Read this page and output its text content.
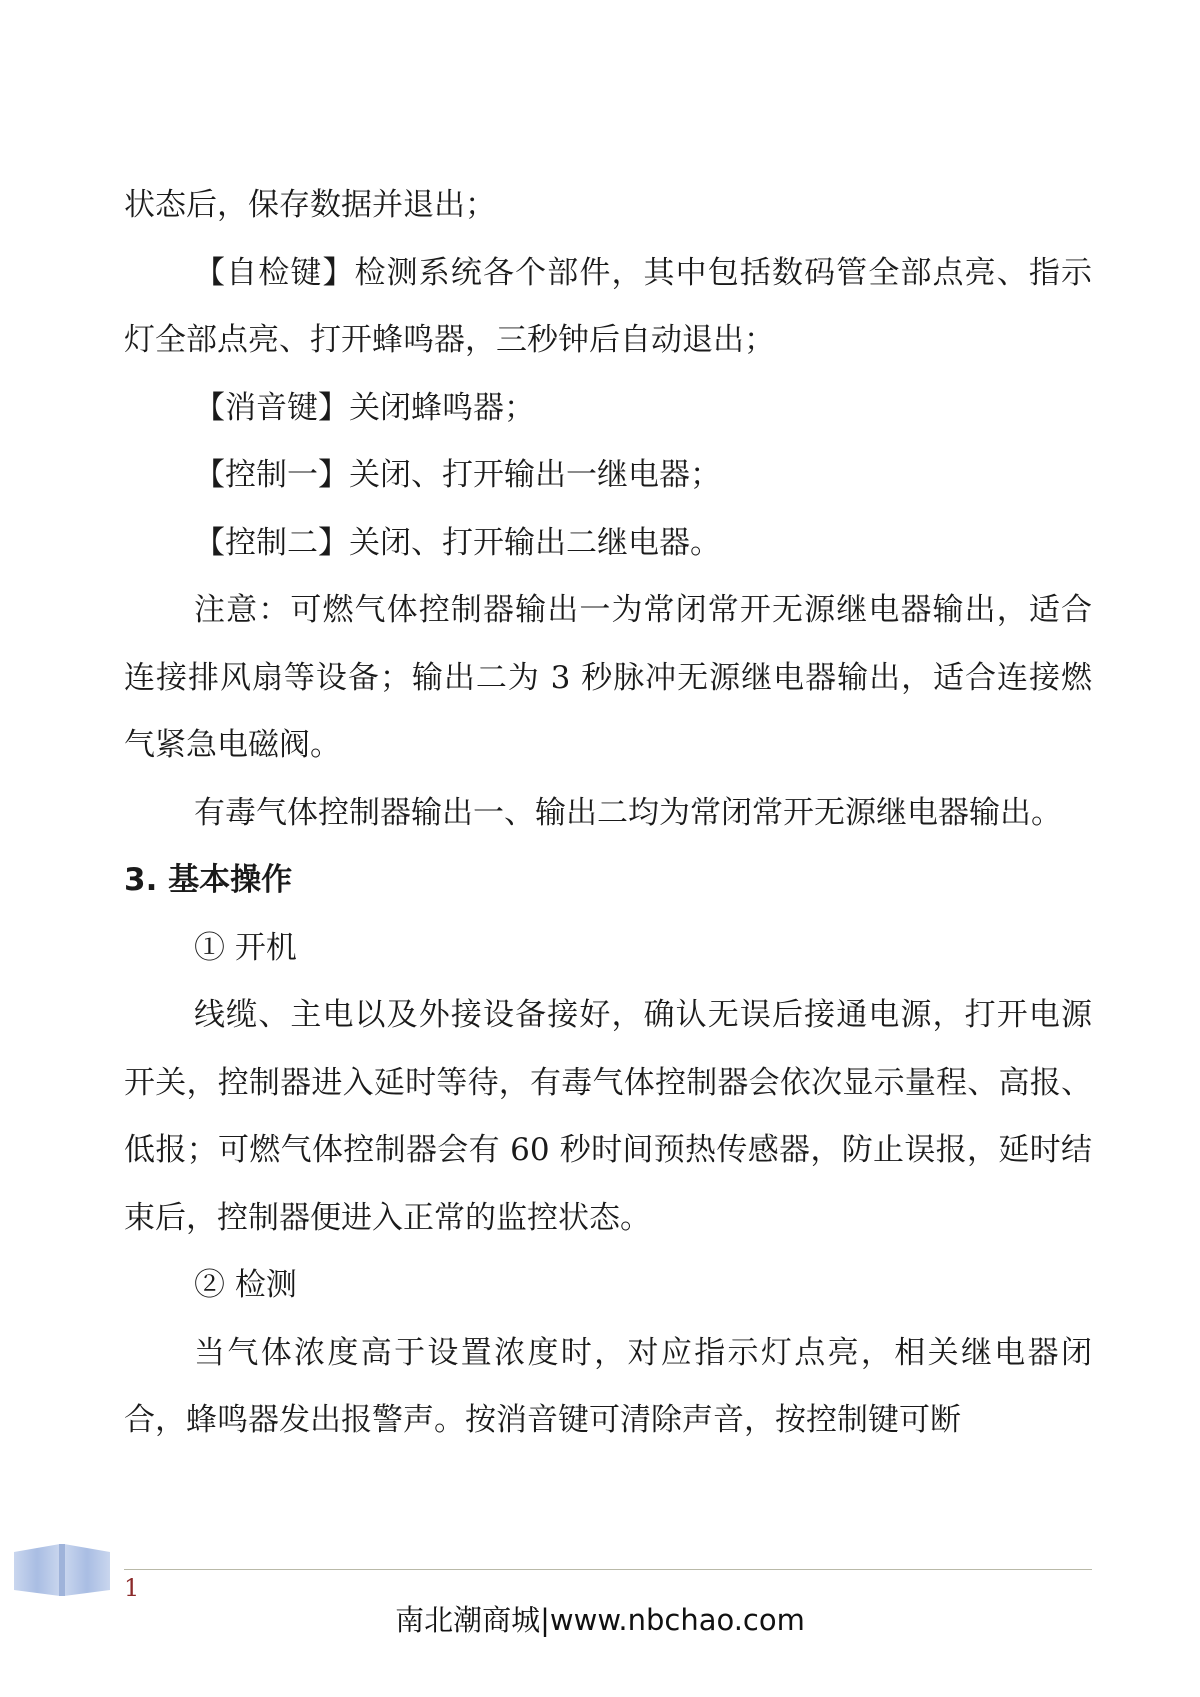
状态后，保存数据并退出；

【自检键】检测系统各个部件，其中包括数码管全部点亮、指示灯全部点亮、打开蜂鸣器，三秒钟后自动退出；

【消音键】关闭蜂鸣器；

【控制一】关闭、打开输出一继电器；

【控制二】关闭、打开输出二继电器。

注意：可燃气体控制器输出一为常闭常开无源继电器输出，适合连接排风扇等设备；输出二为 3 秒脉冲无源继电器输出，适合连接燃气紧急电磁阀。

有毒气体控制器输出一、输出二均为常闭常开无源继电器输出。

3. 基本操作

① 开机

线缆、主电以及外接设备接好，确认无误后接通电源，打开电源开关，控制器进入延时等待，有毒气体控制器会依次显示量程、高报、低报；可燃气体控制器会有 60 秒时间预热传感器，防止误报，延时结束后，控制器便进入正常的监控状态。

② 检测

当气体浓度高于设置浓度时，对应指示灯点亮，相关继电器闭合，蜂鸣器发出报警声。按消音键可清除声音，按控制键可断

1
南北潮商城|www.nbchao.com
